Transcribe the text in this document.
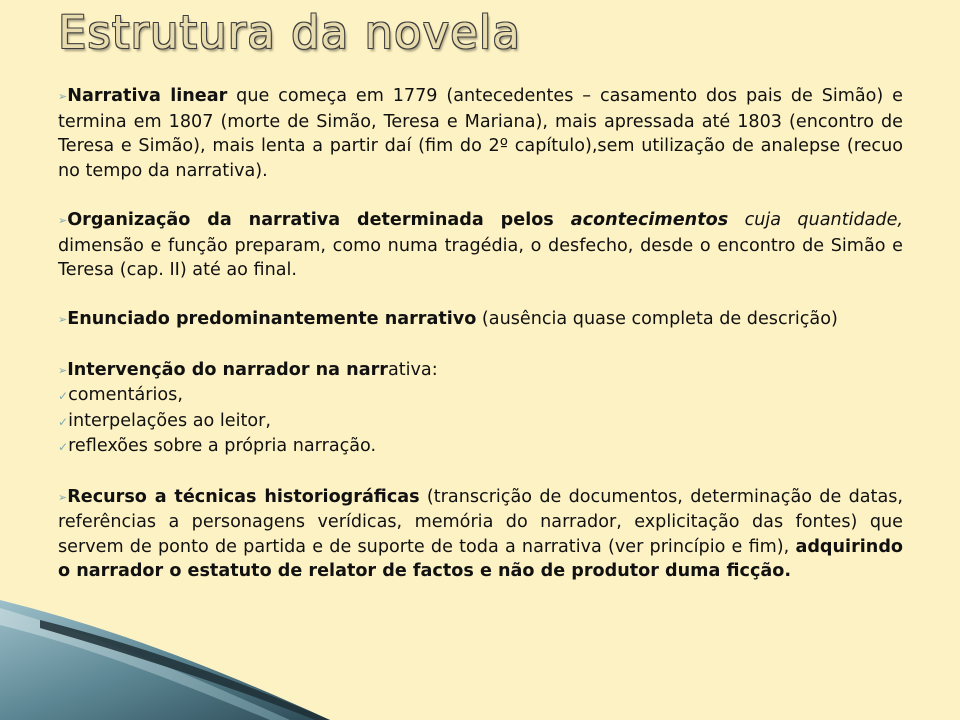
Estrutura da novela

➢Narrativa linear que começa em 1779 (antecedentes – casamento dos pais de Simão) e termina em 1807 (morte de Simão, Teresa e Mariana), mais apressada até 1803 (encontro de Teresa e Simão), mais lenta a partir daí (fim do 2º capítulo),sem utilização de analepse (recuo no tempo da narrativa).

➢Organização da narrativa determinada pelos acontecimentos cuja quantidade, dimensão e função preparam, como numa tragédia, o desfecho, desde o encontro de Simão e Teresa (cap. II) até ao final.

➢Enunciado predominantemente narrativo (ausência quase completa de descrição)

➢Intervenção do narrador na narrativa:

✓comentários,

✓interpelações ao leitor,

✓reflexões sobre a própria narração.

➢Recurso a técnicas historiográficas (transcrição de documentos, determinação de datas, referências a personagens verídicas, memória do narrador, explicitação das fontes) que servem de ponto de partida e de suporte de toda a narrativa (ver princípio e fim), adquirindo o narrador o estatuto de relator de factos e não de produtor duma ficção.
